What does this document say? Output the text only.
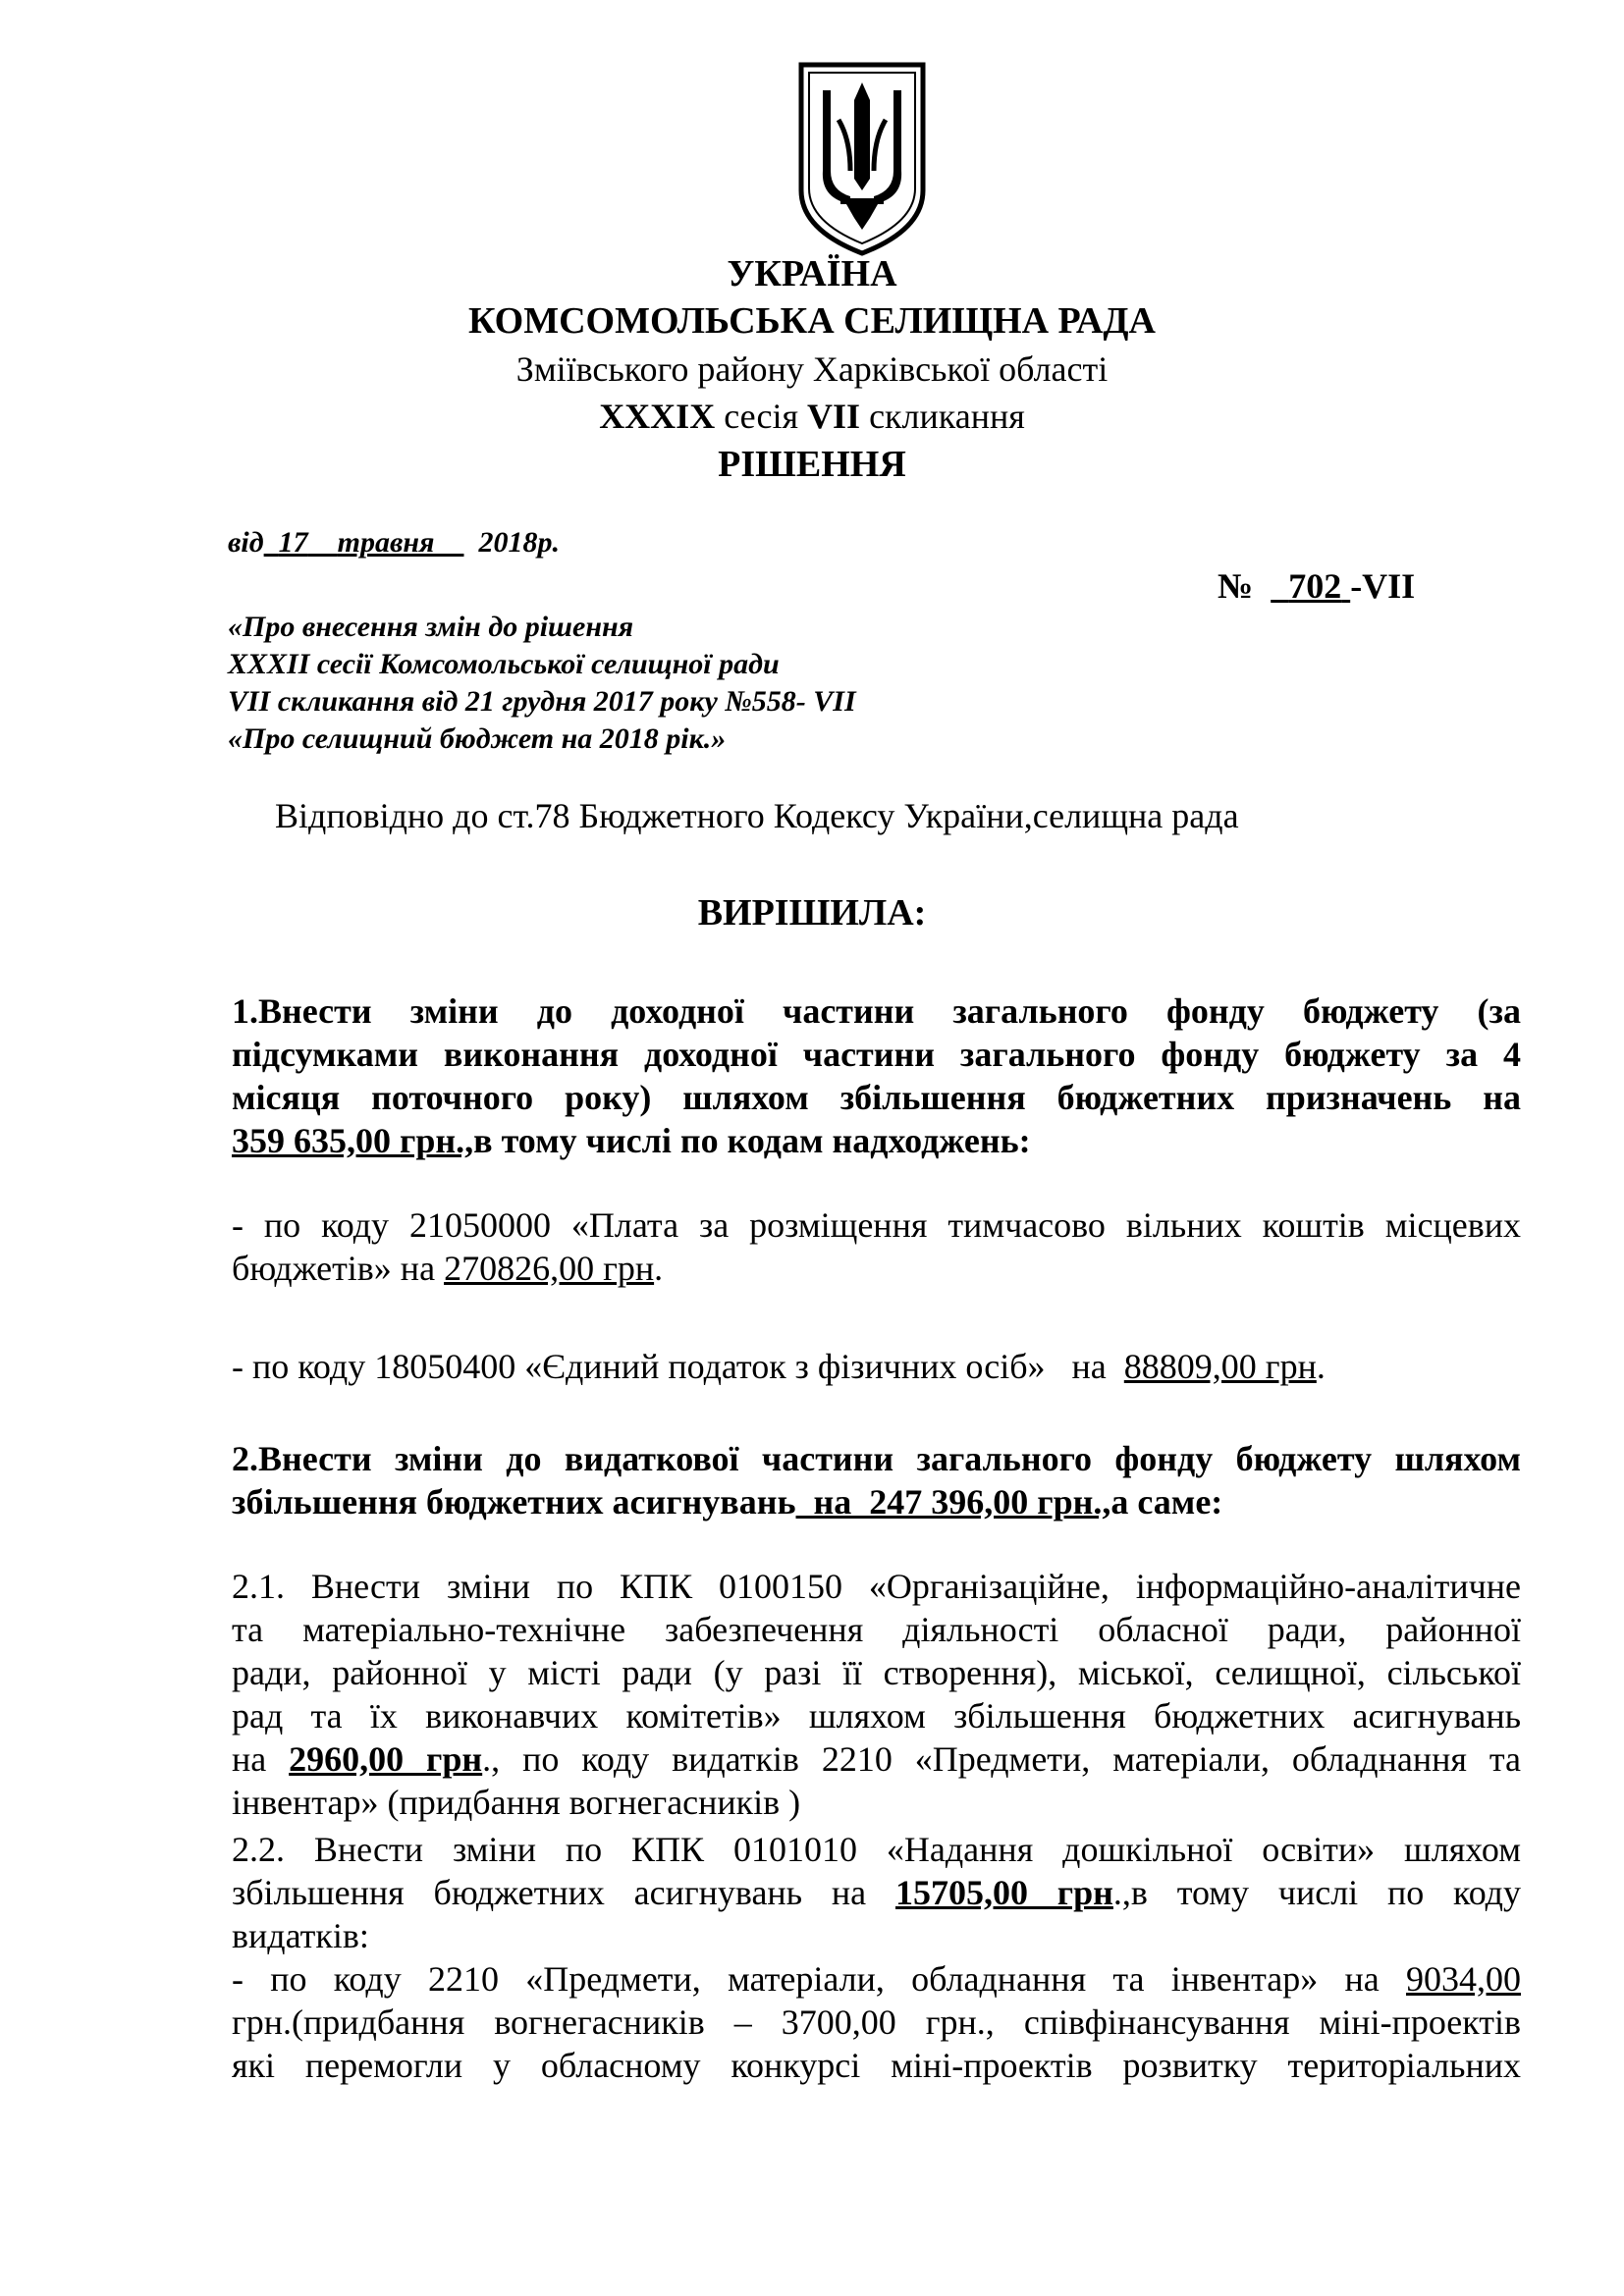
УКРАЇНА
КОМСОМОЛЬСЬКА СЕЛИЩНА РАДА
Зміївського району Харківської області
XXXIX сесія VII скликання
РІШЕННЯ
від 17 травня 2018р.
№ 702 -VII
«Про внесення змін до рішення
XXXII сесії Комсомольської селищної ради
VII скликання від 21 грудня 2017 року №558- VII
«Про селищний бюджет на 2018 рік.»
Відповідно до ст.78 Бюджетного Кодексу України,селищна рада
ВИРІШИЛА:
1.Внести зміни до доходної частини загального фонду бюджету (за
підсумками виконання доходної частини загального фонду бюджету за 4
місяця поточного року) шляхом збільшення бюджетних призначень на
359 635,00 грн.,в тому числі по кодам надходжень:
- по коду 21050000 «Плата за розміщення тимчасово вільних коштів місцевих
бюджетів» на 270826,00 грн.
- по коду 18050400 «Єдиний податок з фізичних осіб»   на  88809,00 грн.
2.Внести зміни до видаткової частини загального фонду бюджету шляхом
збільшення бюджетних асигнувань  на  247 396,00 грн.,а саме:
2.1. Внести зміни по КПК 0100150 «Організаційне, інформаційно-аналітичне
та матеріально-технічне забезпечення діяльності обласної ради, районної
ради, районної у місті ради (у разі її створення), міської, селищної, сільської
рад та їх виконавчих комітетів» шляхом збільшення бюджетних асигнувань
на 2960,00 грн., по коду видатків 2210 «Предмети, матеріали, обладнання та
інвентар» (придбання вогнегасників )
2.2. Внести зміни по КПК 0101010 «Надання дошкільної освіти» шляхом
збільшення бюджетних асигнувань на 15705,00 грн.,в тому числі по коду
видатків:
- по коду 2210 «Предмети, матеріали, обладнання та інвентар» на 9034,00
грн.(придбання вогнегасників – 3700,00 грн., співфінансування міні-проектів
які перемогли у обласному конкурсі міні-проектів розвитку територіальних
